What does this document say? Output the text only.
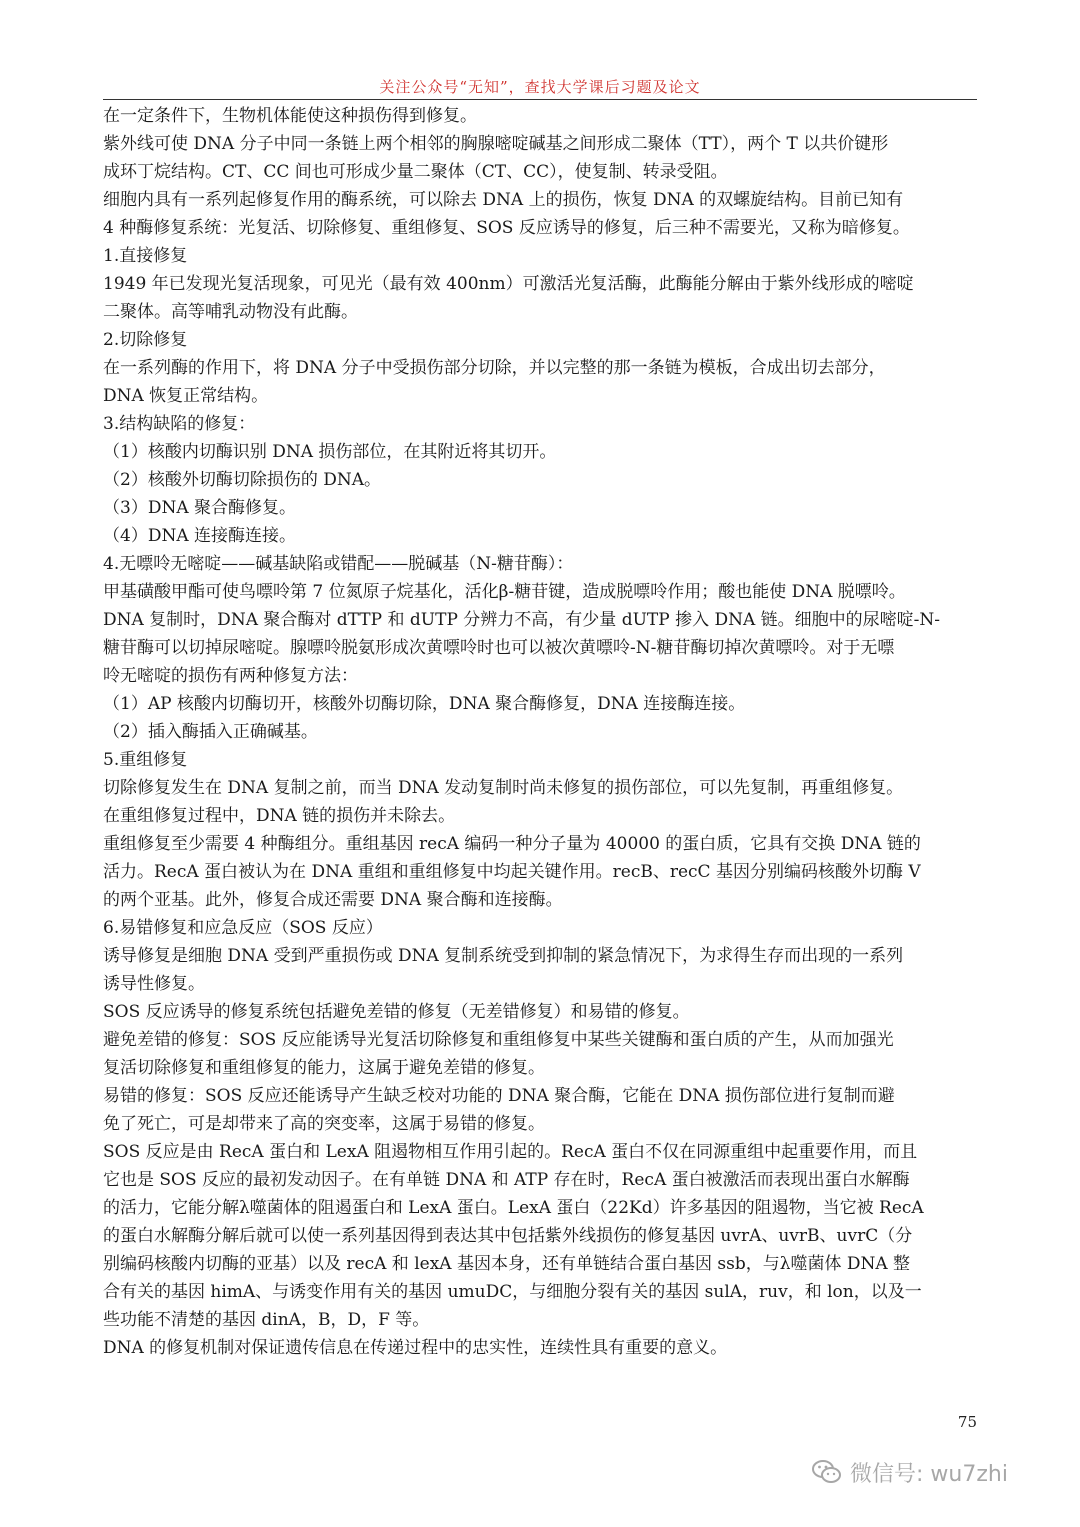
关注公众号“无知”，查找大学课后习题及论文
在一定条件下，生物机体能使这种损伤得到修复。
紫外线可使 DNA 分子中同一条链上两个相邻的胸腺嘧啶碱基之间形成二聚体（TT），两个 T 以共价键形
成环丁烷结构。CT、CC 间也可形成少量二聚体（CT、CC），使复制、转录受阻。
细胞内具有一系列起修复作用的酶系统，可以除去 DNA 上的损伤，恢复 DNA 的双螺旋结构。目前已知有
4 种酶修复系统：光复活、切除修复、重组修复、SOS 反应诱导的修复，后三种不需要光，又称为暗修复。
1.直接修复
1949 年已发现光复活现象，可见光（最有效 400nm）可激活光复活酶，此酶能分解由于紫外线形成的嘧啶
二聚体。高等哺乳动物没有此酶。
2.切除修复
在一系列酶的作用下，将 DNA 分子中受损伤部分切除，并以完整的那一条链为模板，合成出切去部分，
DNA 恢复正常结构。
3.结构缺陷的修复：
（1）核酸内切酶识别 DNA 损伤部位，在其附近将其切开。
（2）核酸外切酶切除损伤的 DNA。
（3）DNA 聚合酶修复。
（4）DNA 连接酶连接。
4.无嘌呤无嘧啶——碱基缺陷或错配——脱碱基（N-糖苷酶）：
甲基磺酸甲酯可使鸟嘌呤第 7 位氮原子烷基化，活化β-糖苷键，造成脱嘌呤作用；酸也能使 DNA 脱嘌呤。
DNA 复制时，DNA 聚合酶对 dTTP 和 dUTP 分辨力不高，有少量 dUTP 掺入 DNA 链。细胞中的尿嘧啶-N-
糖苷酶可以切掉尿嘧啶。腺嘌呤脱氨形成次黄嘌呤时也可以被次黄嘌呤-N-糖苷酶切掉次黄嘌呤。对于无嘌
呤无嘧啶的损伤有两种修复方法：
（1）AP 核酸内切酶切开，核酸外切酶切除，DNA 聚合酶修复，DNA 连接酶连接。
（2）插入酶插入正确碱基。
5.重组修复
切除修复发生在 DNA 复制之前，而当 DNA 发动复制时尚未修复的损伤部位，可以先复制，再重组修复。
在重组修复过程中，DNA 链的损伤并未除去。
重组修复至少需要 4 种酶组分。重组基因 recA 编码一种分子量为 40000 的蛋白质，它具有交换 DNA 链的
活力。RecA 蛋白被认为在 DNA 重组和重组修复中均起关键作用。recB、recC 基因分别编码核酸外切酶 V
的两个亚基。此外，修复合成还需要 DNA 聚合酶和连接酶。
6.易错修复和应急反应（SOS 反应）
诱导修复是细胞 DNA 受到严重损伤或 DNA 复制系统受到抑制的紧急情况下，为求得生存而出现的一系列
诱导性修复。
SOS 反应诱导的修复系统包括避免差错的修复（无差错修复）和易错的修复。
避免差错的修复：SOS 反应能诱导光复活切除修复和重组修复中某些关键酶和蛋白质的产生，从而加强光
复活切除修复和重组修复的能力，这属于避免差错的修复。
易错的修复：SOS 反应还能诱导产生缺乏校对功能的 DNA 聚合酶，它能在 DNA 损伤部位进行复制而避
免了死亡，可是却带来了高的突变率，这属于易错的修复。
SOS 反应是由 RecA 蛋白和 LexA 阻遏物相互作用引起的。RecA 蛋白不仅在同源重组中起重要作用，而且
它也是 SOS 反应的最初发动因子。在有单链 DNA 和 ATP 存在时，RecA 蛋白被激活而表现出蛋白水解酶
的活力，它能分解λ噬菌体的阻遏蛋白和 LexA 蛋白。LexA 蛋白（22Kd）许多基因的阻遏物，当它被 RecA
的蛋白水解酶分解后就可以使一系列基因得到表达其中包括紫外线损伤的修复基因 uvrA、uvrB、uvrC（分
别编码核酸内切酶的亚基）以及 recA 和 lexA 基因本身，还有单链结合蛋白基因 ssb，与λ噬菌体 DNA 整
合有关的基因 himA、与诱变作用有关的基因 umuDC，与细胞分裂有关的基因 sulA，ruv，和 lon，以及一
些功能不清楚的基因 dinA，B，D，F 等。
DNA 的修复机制对保证遗传信息在传递过程中的忠实性，连续性具有重要的意义。
75
微信号: wu7zhi
